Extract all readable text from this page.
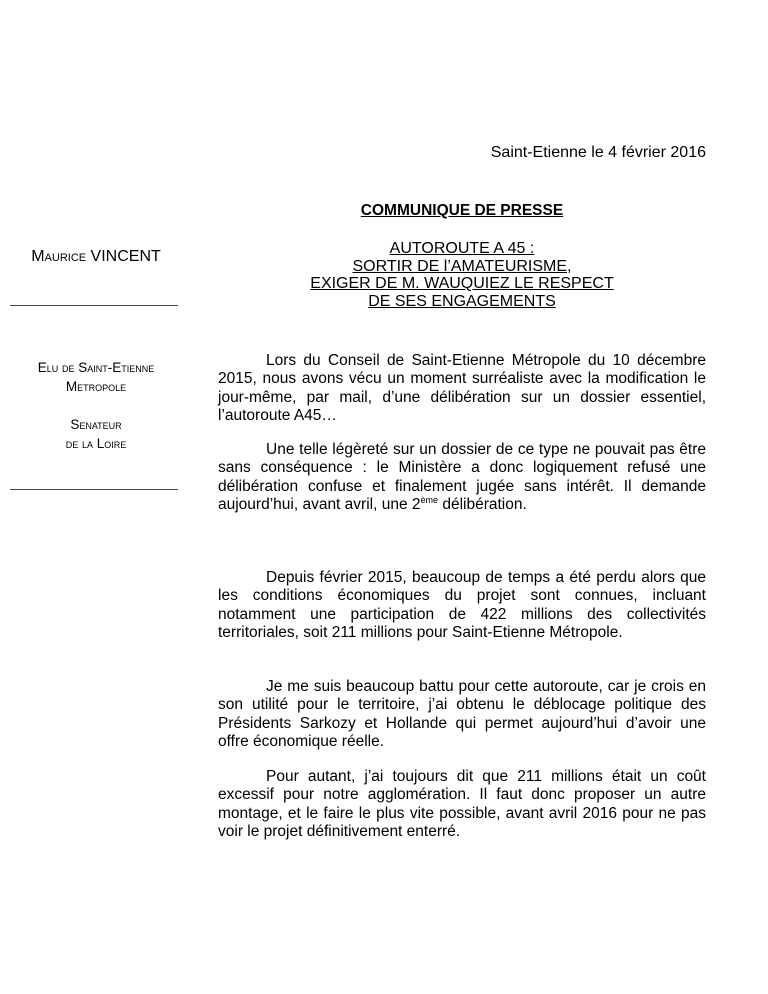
Saint-Etienne le 4 février 2016
COMMUNIQUE DE PRESSE
AUTOROUTE A 45 :
SORTIR DE l’AMATEURISME,
EXIGER DE M. WAUQUIEZ LE RESPECT
DE SES ENGAGEMENTS
Maurice VINCENT
Elu de Saint-Etienne
Metropole
Senateur
de la Loire

Lors du Conseil de Saint-Etienne Métropole du 10 décembre 2015, nous avons vécu un moment surréaliste avec la modification le jour-même, par mail, d’une délibération sur un dossier essentiel, l’autoroute A45…

Une telle légèreté sur un dossier de ce type ne pouvait pas être sans conséquence : le Ministère a donc logiquement refusé une délibération confuse et finalement jugée sans intérêt. Il demande aujourd’hui, avant avril, une 2ème délibération.

Depuis février 2015, beaucoup de temps a été perdu alors que les conditions économiques du projet sont connues, incluant notamment une participation de 422 millions des collectivités territoriales, soit 211 millions pour Saint-Etienne Métropole.

Je me suis beaucoup battu pour cette autoroute, car je crois en son utilité pour le territoire, j’ai obtenu le déblocage politique des Présidents Sarkozy et Hollande qui permet aujourd’hui d’avoir une offre économique réelle.

Pour autant, j’ai toujours dit que 211 millions était un coût excessif pour notre agglomération. Il faut donc proposer un autre montage, et le faire le plus vite possible, avant avril 2016 pour ne pas voir le projet définitivement enterré.
